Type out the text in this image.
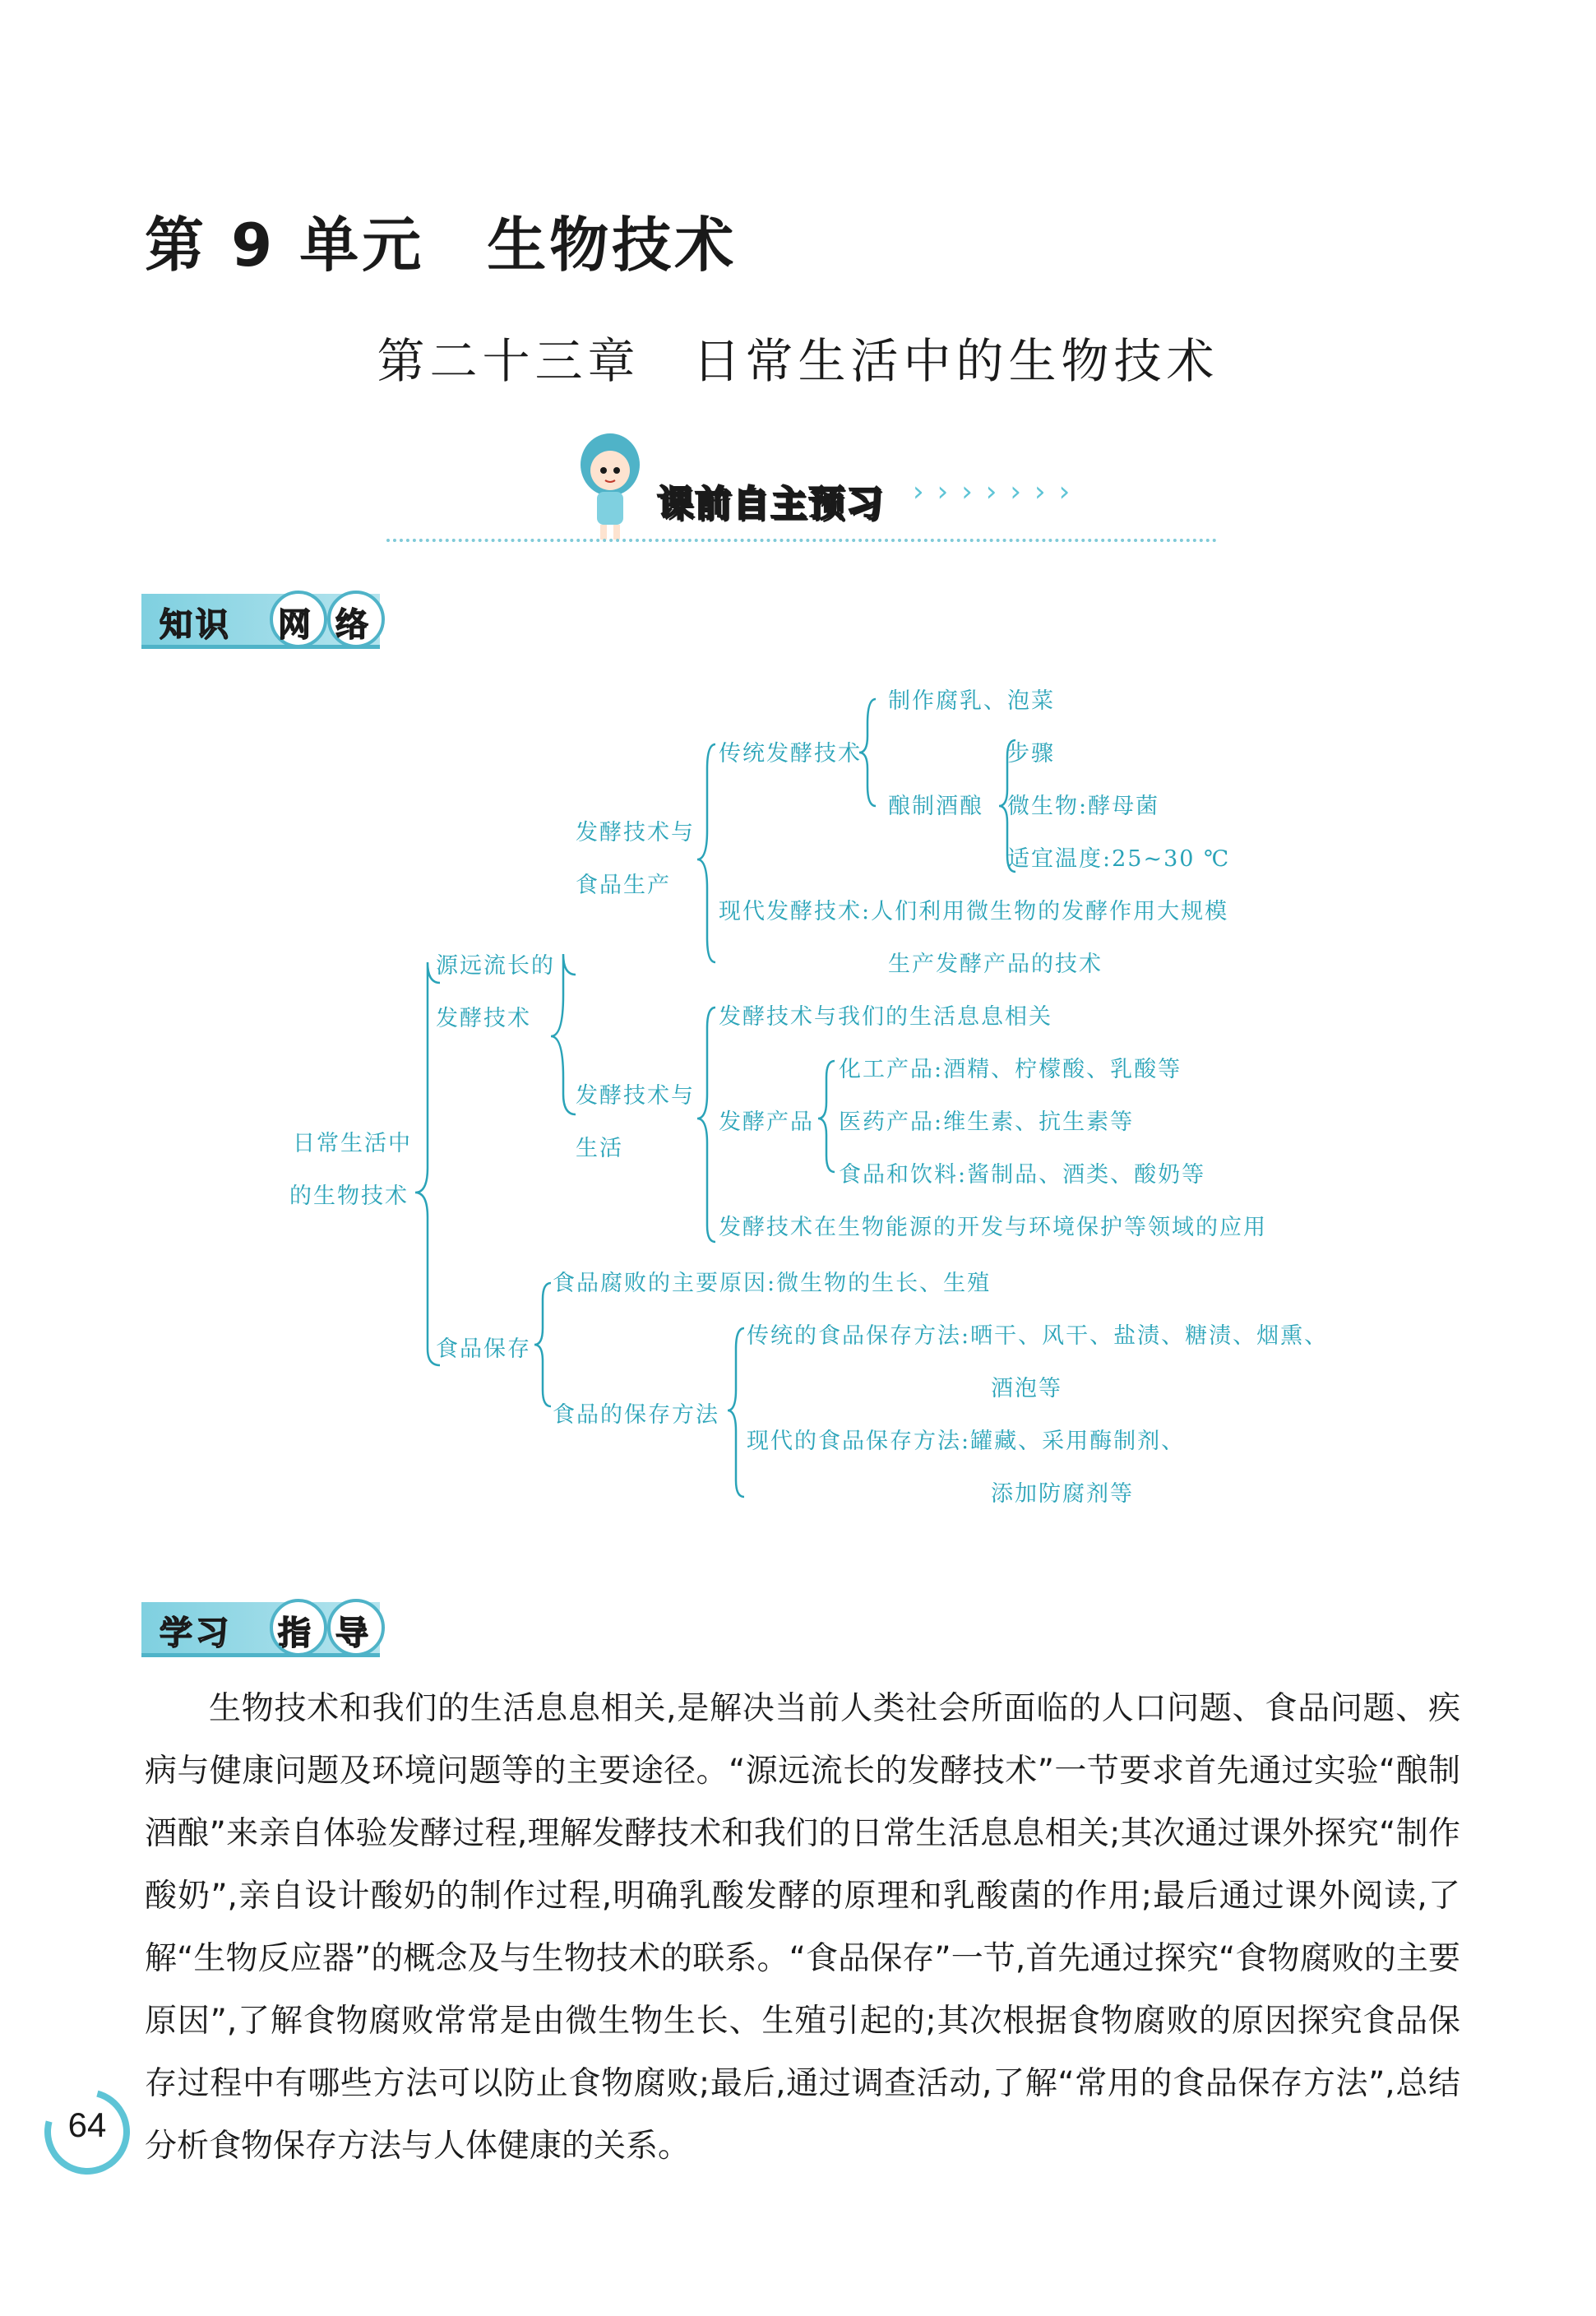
第 9 单元　生物技术
第二十三章　日常生活中的生物技术
课前自主预习	›››››››
知识 网 络
日常生活中
的生物技术
源远流长的
发酵技术
发酵技术与
食品生产
传统发酵技术
制作腐乳、泡菜
酿制酒酿
步骤
微生物:酵母菌
适宜温度:25~30 ℃
现代发酵技术:人们利用微生物的发酵作用大规模
生产发酵产品的技术
发酵技术与
生活
发酵技术与我们的生活息息相关
发酵产品
化工产品:酒精、柠檬酸、乳酸等
医药产品:维生素、抗生素等
食品和饮料:酱制品、酒类、酸奶等
发酵技术在生物能源的开发与环境保护等领域的应用
食品保存
食品腐败的主要原因:微生物的生长、生殖
食品的保存方法
传统的食品保存方法:晒干、风干、盐渍、糖渍、烟熏、
酒泡等
现代的食品保存方法:罐藏、采用酶制剂、
添加防腐剂等
学习 指 导

生物技术和我们的生活息息相关,是解决当前人类社会所面临的人口问题、食品问题、疾病与健康问题及环境问题等的主要途径。“源远流长的发酵技术”一节要求首先通过实验“酿制酒酿”来亲自体验发酵过程,理解发酵技术和我们的日常生活息息相关;其次通过课外探究“制作酸奶”,亲自设计酸奶的制作过程,明确乳酸发酵的原理和乳酸菌的作用;最后通过课外阅读,了解“生物反应器”的概念及与生物技术的联系。“食品保存”一节,首先通过探究“食物腐败的主要原因”,了解食物腐败常常是由微生物生长、生殖引起的;其次根据食物腐败的原因探究食品保存过程中有哪些方法可以防止食物腐败;最后,通过调查活动,了解“常用的食品保存方法”,总结分析食物保存方法与人体健康的关系。

64
